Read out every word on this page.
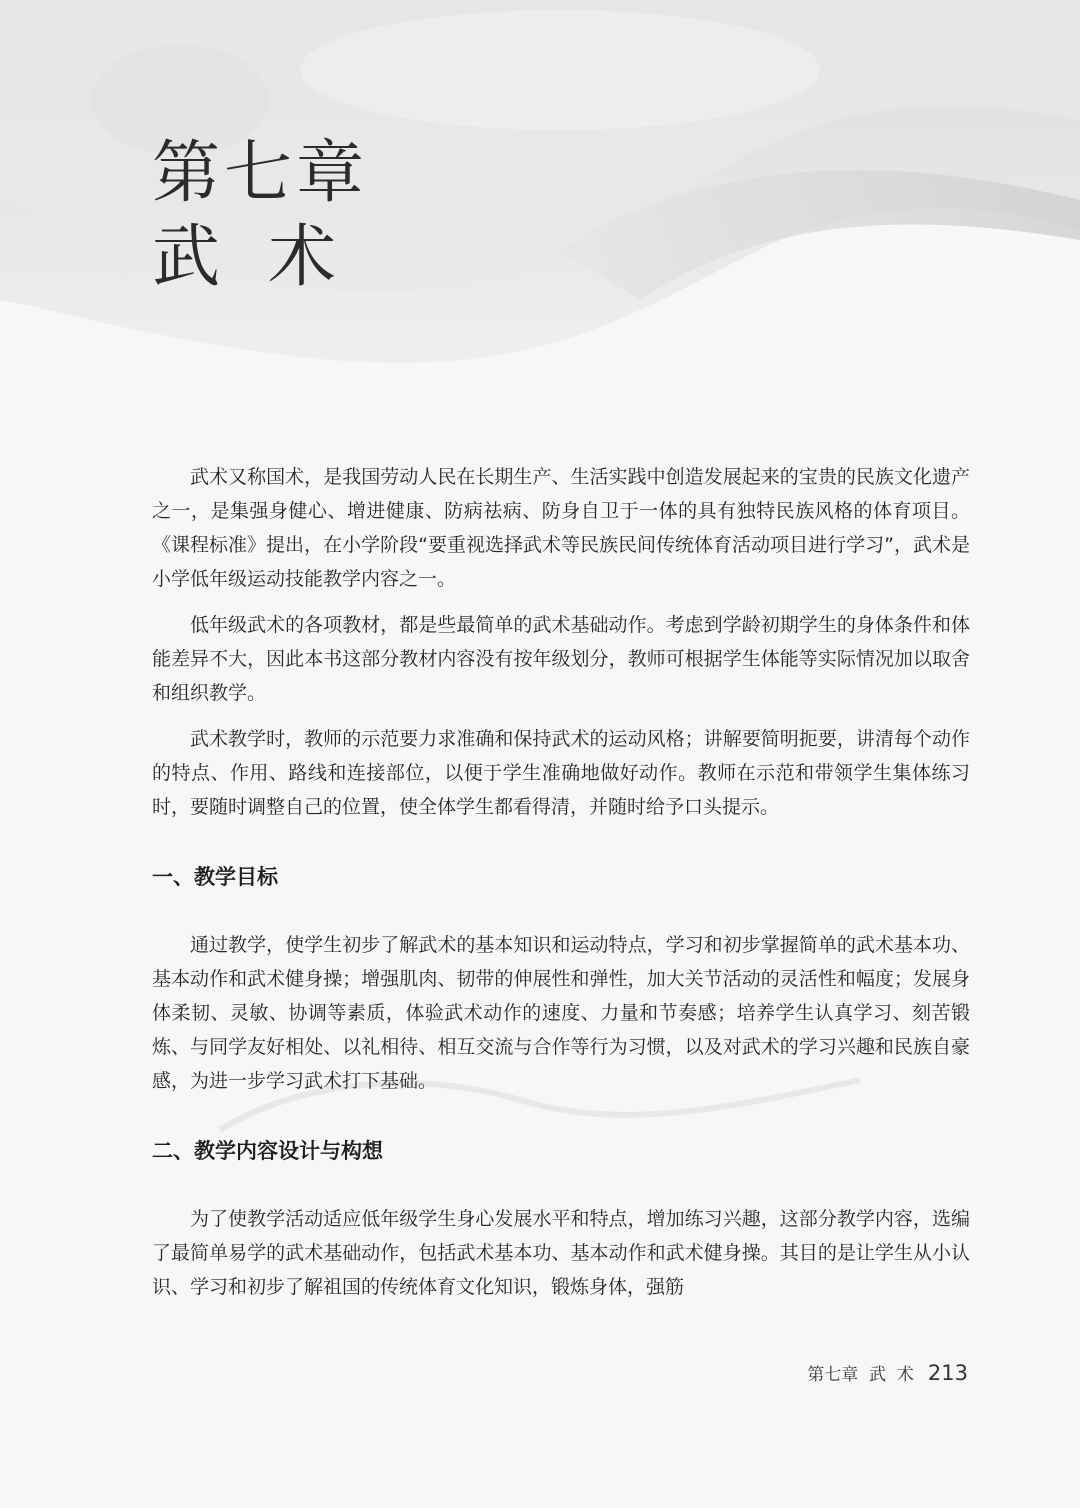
第七章
武术

武术又称国术，是我国劳动人民在长期生产、生活实践中创造发展起来的宝贵的民族文化遗产之一，是集强身健心、增进健康、防病祛病、防身自卫于一体的具有独特民族风格的体育项目。《课程标准》提出，在小学阶段“要重视选择武术等民族民间传统体育活动项目进行学习”，武术是小学低年级运动技能教学内容之一。

低年级武术的各项教材，都是些最简单的武术基础动作。考虑到学龄初期学生的身体条件和体能差异不大，因此本书这部分教材内容没有按年级划分，教师可根据学生体能等实际情况加以取舍和组织教学。

武术教学时，教师的示范要力求准确和保持武术的运动风格；讲解要简明扼要，讲清每个动作的特点、作用、路线和连接部位，以便于学生准确地做好动作。教师在示范和带领学生集体练习时，要随时调整自己的位置，使全体学生都看得清，并随时给予口头提示。

一、教学目标

通过教学，使学生初步了解武术的基本知识和运动特点，学习和初步掌握简单的武术基本功、基本动作和武术健身操；增强肌肉、韧带的伸展性和弹性，加大关节活动的灵活性和幅度；发展身体柔韧、灵敏、协调等素质，体验武术动作的速度、力量和节奏感；培养学生认真学习、刻苦锻炼、与同学友好相处、以礼相待、相互交流与合作等行为习惯，以及对武术的学习兴趣和民族自豪感，为进一步学习武术打下基础。

二、教学内容设计与构想

为了使教学活动适应低年级学生身心发展水平和特点，增加练习兴趣，这部分教学内容，选编了最简单易学的武术基础动作，包括武术基本功、基本动作和武术健身操。其目的是让学生从小认识、学习和初步了解祖国的传统体育文化知识，锻炼身体，强筋

第七章  武  术 213
